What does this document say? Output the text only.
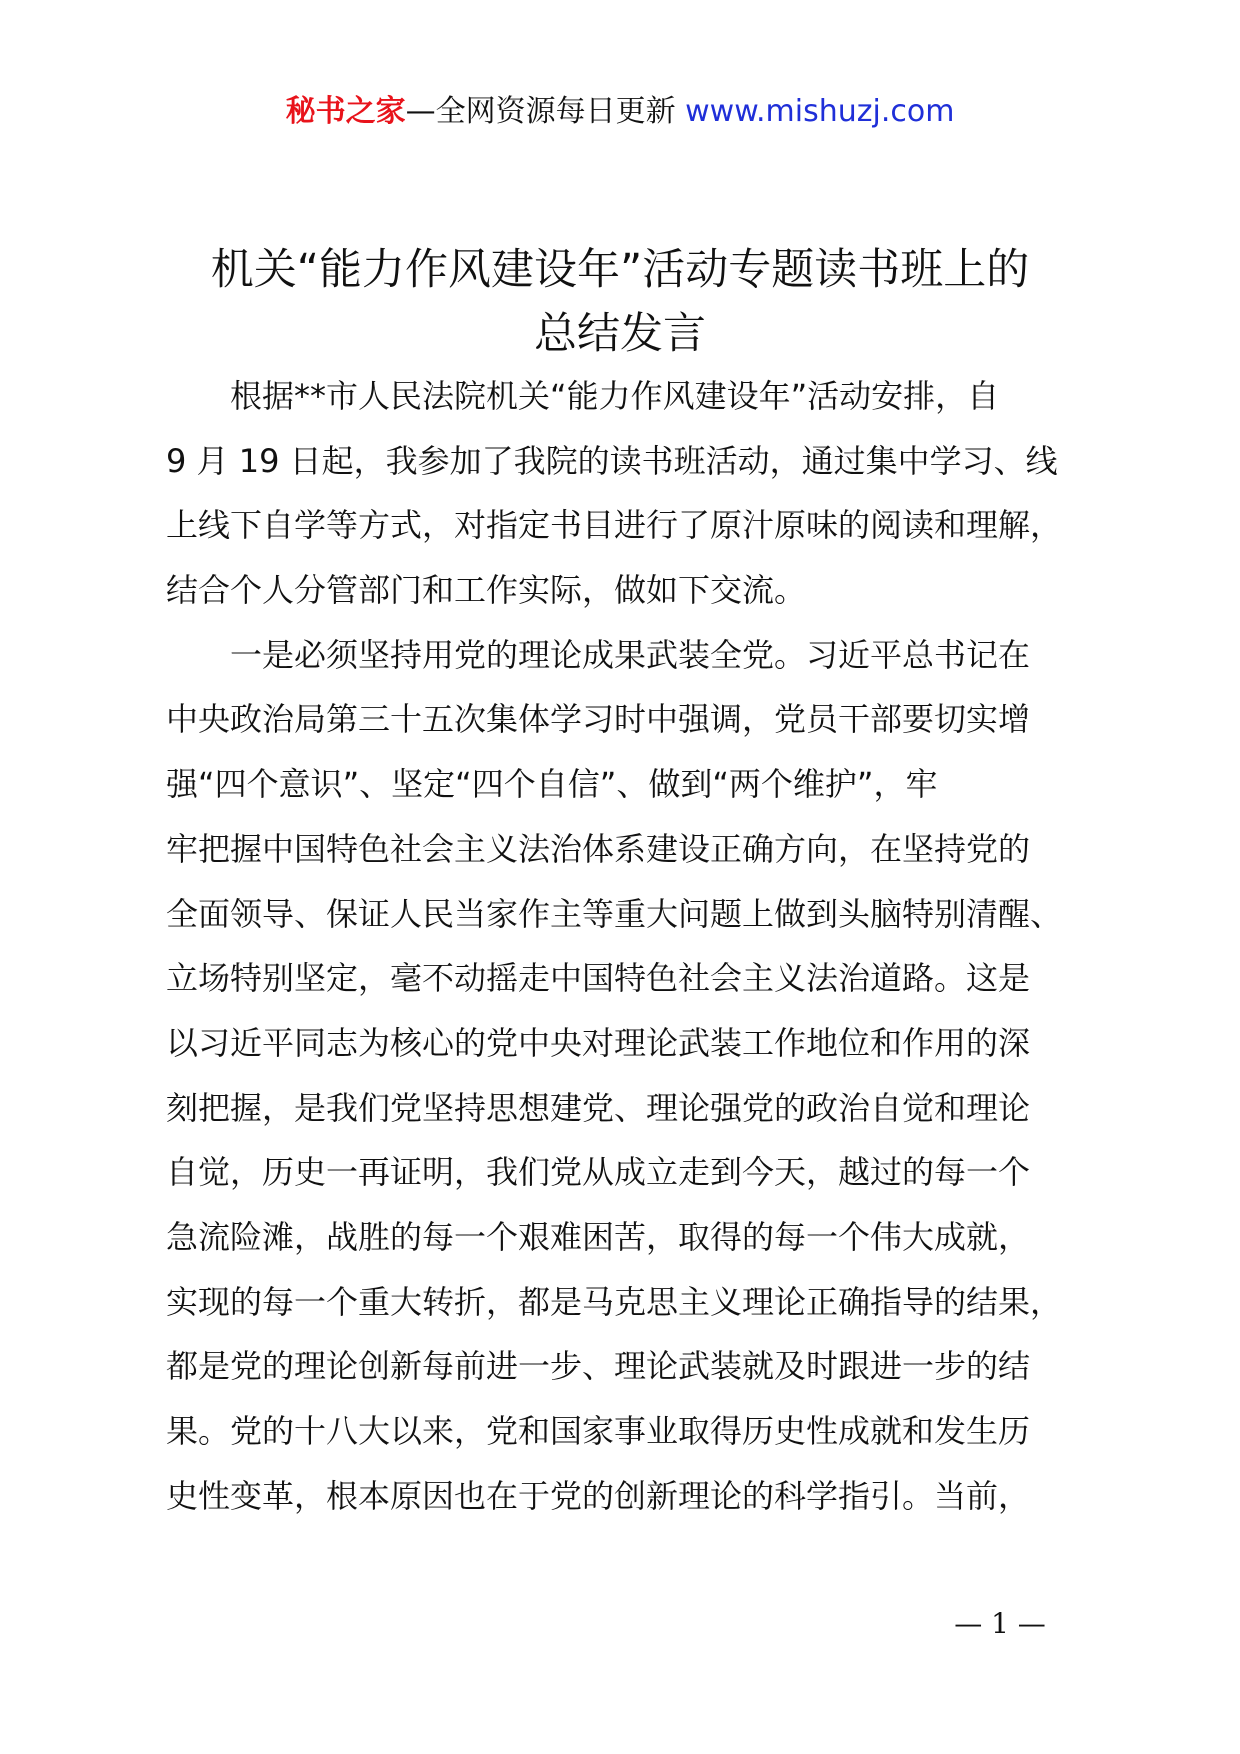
秘书之家—全网资源每日更新 www.mishuzj.com
机关“能力作风建设年”活动专题读书班上的
总结发言
根据**市人民法院机关“能力作风建设年”活动安排，自
9 月 19 日起，我参加了我院的读书班活动，通过集中学习、线
上线下自学等方式，对指定书目进行了原汁原味的阅读和理解，
结合个人分管部门和工作实际，做如下交流。
一是必须坚持用党的理论成果武装全党。习近平总书记在
中央政治局第三十五次集体学习时中强调，党员干部要切实增
强“四个意识”、坚定“四个自信”、做到“两个维护”，牢
牢把握中国特色社会主义法治体系建设正确方向，在坚持党的
全面领导、保证人民当家作主等重大问题上做到头脑特别清醒、
立场特别坚定，毫不动摇走中国特色社会主义法治道路。这是
以习近平同志为核心的党中央对理论武装工作地位和作用的深
刻把握，是我们党坚持思想建党、理论强党的政治自觉和理论
自觉，历史一再证明，我们党从成立走到今天，越过的每一个
急流险滩，战胜的每一个艰难困苦，取得的每一个伟大成就，
实现的每一个重大转折，都是马克思主义理论正确指导的结果，
都是党的理论创新每前进一步、理论武装就及时跟进一步的结
果。党的十八大以来，党和国家事业取得历史性成就和发生历
史性变革，根本原因也在于党的创新理论的科学指引。当前，
— 1 —
